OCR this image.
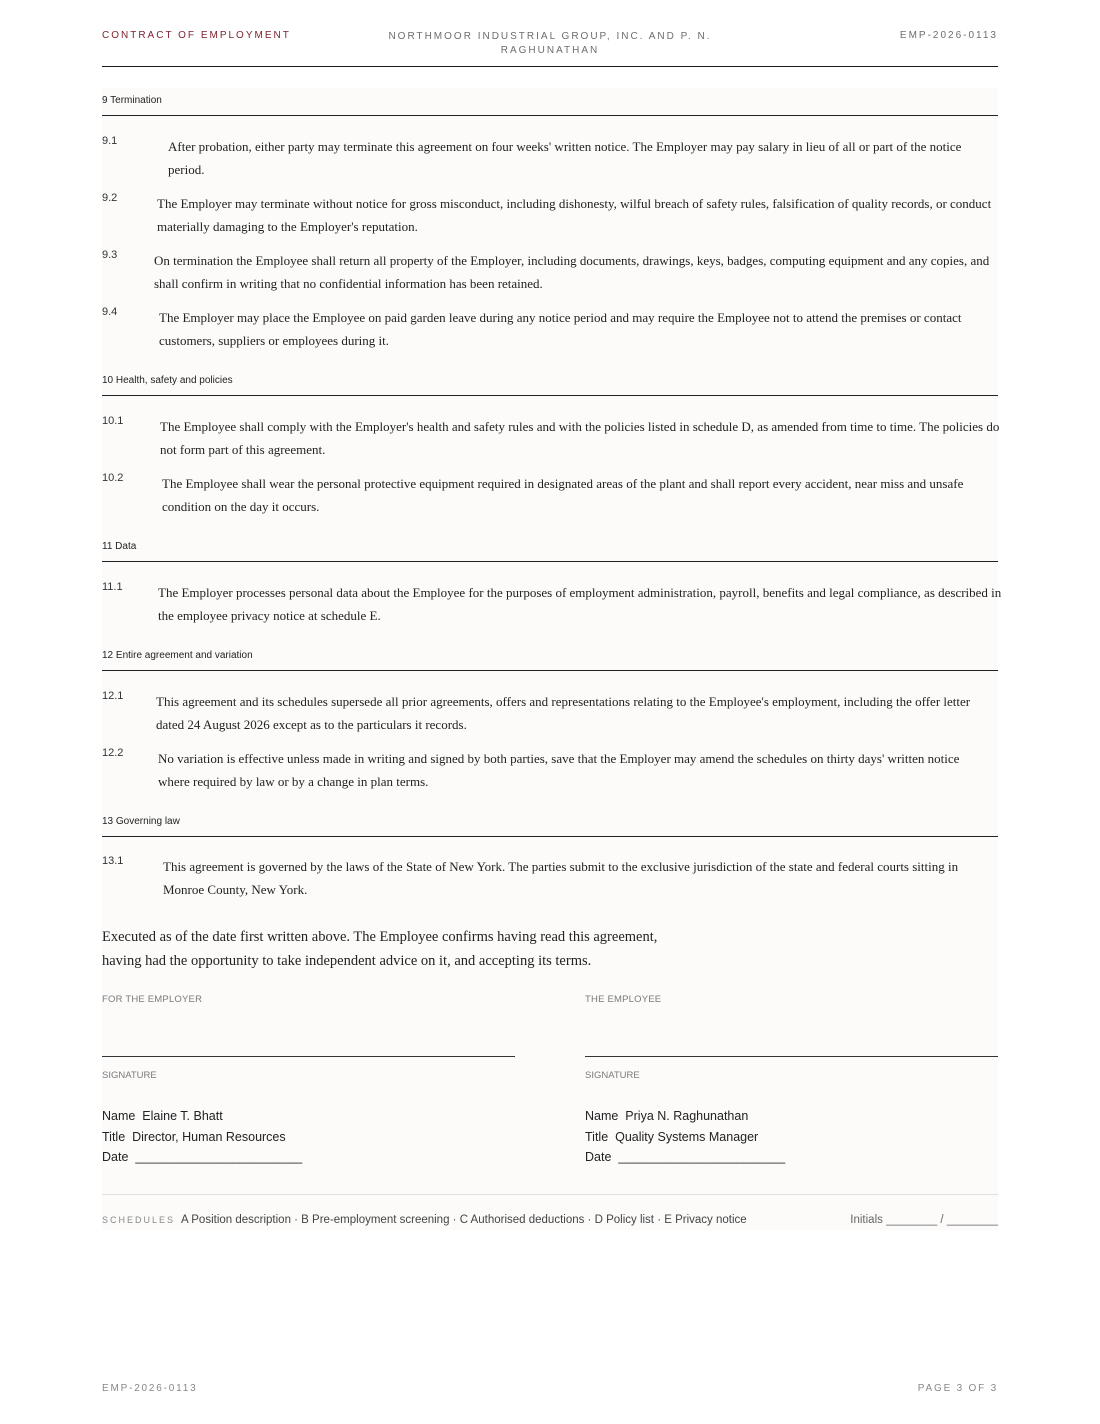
CONTRACT OF EMPLOYMENT	NORTHMOOR INDUSTRIAL GROUP, INC. AND P. N. RAGHUNATHAN
EMP-2026-0113
9 Termination
9.1	After probation, either party may terminate this agreement on four weeks' written notice. The Employer may pay salary in lieu of all or part of the notice period.
9.2	The Employer may terminate without notice for gross misconduct, including dishonesty, wilful breach of safety rules, falsification of quality records, or conduct materially damaging to the Employer's reputation.
9.3	On termination the Employee shall return all property of the Employer, including documents, drawings, keys, badges, computing equipment and any copies, and shall confirm in writing that no confidential information has been retained.
9.4	The Employer may place the Employee on paid garden leave during any notice period and may require the Employee not to attend the premises or contact customers, suppliers or employees during it.
10 Health, safety and policies
10.1	The Employee shall comply with the Employer's health and safety rules and with the policies listed in schedule D, as amended from time to time. The policies do not form part of this agreement.
10.2	The Employee shall wear the personal protective equipment required in designated areas of the plant and shall report every accident, near miss and unsafe condition on the day it occurs.
11 Data
11.1	The Employer processes personal data about the Employee for the purposes of employment administration, payroll, benefits and legal compliance, as described in the employee privacy notice at schedule E.
12 Entire agreement and variation
12.1	This agreement and its schedules supersede all prior agreements, offers and representations relating to the Employee's employment, including the offer letter dated 24 August 2026 except as to the particulars it records.
12.2	No variation is effective unless made in writing and signed by both parties, save that the Employer may amend the schedules on thirty days' written notice where required by law or by a change in plan terms.
13 Governing law
13.1	This agreement is governed by the laws of the State of New York. The parties submit to the exclusive jurisdiction of the state and federal courts sitting in Monroe County, New York.
Executed as of the date first written above. The Employee confirms having read this agreement,
having had the opportunity to take independent advice on it, and accepting its terms.
FOR THE EMPLOYER
SIGNATURE
Name Elaine T. Bhatt
Title Director, Human Resources
Date ________________________
THE EMPLOYEE
SIGNATURE
Name Priya N. Raghunathan
Title Quality Systems Manager
Date ________________________
SCHEDULES A Position description · B Pre-employment screening · C Authorised deductions · D Policy list · E Privacy notice	Initials ________ / ________
EMP-2026-0113	PAGE 3 OF 3
